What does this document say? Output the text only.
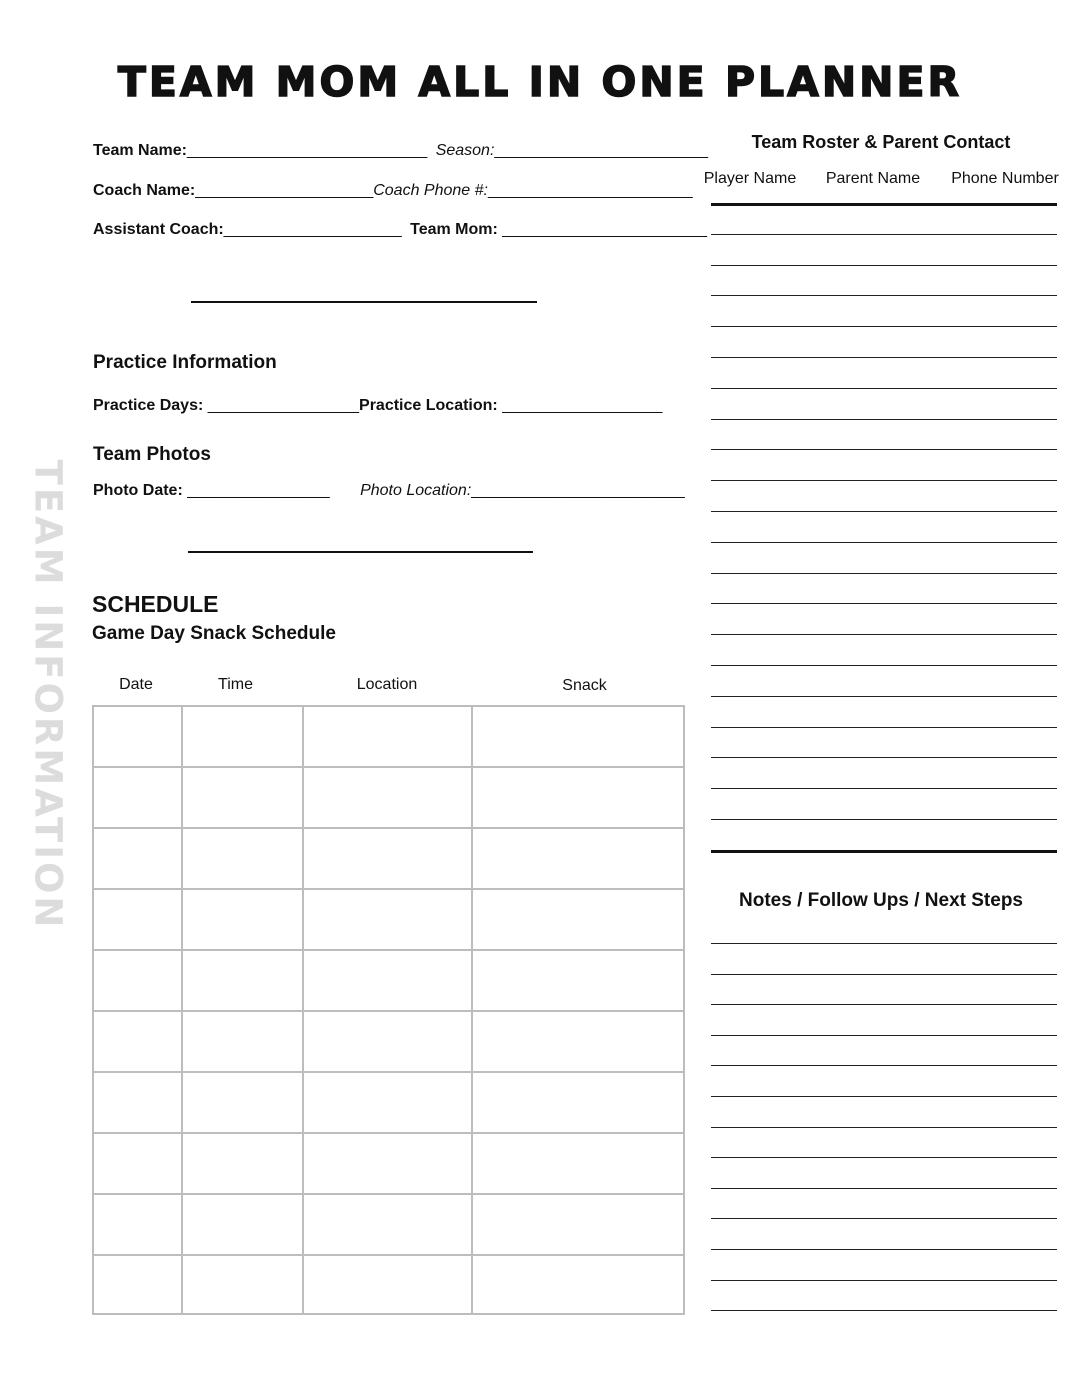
TEAM MOM ALL IN ONE PLANNER
TEAM INFORMATION
Team Name:___________________________ Season:________________________
Coach Name:____________________Coach Phone #:_______________________
Assistant Coach:____________________ Team Mom: _______________________
Practice Information
Practice Days: _________________Practice Location: __________________
Team Photos
Photo Date: ________________ Photo Location:________________________
SCHEDULE
Game Day Snack Schedule
Date	Time	Location	Snack
Team Roster & Parent Contact
Player Name	Parent Name	Phone Number
Notes / Follow Ups / Next Steps
